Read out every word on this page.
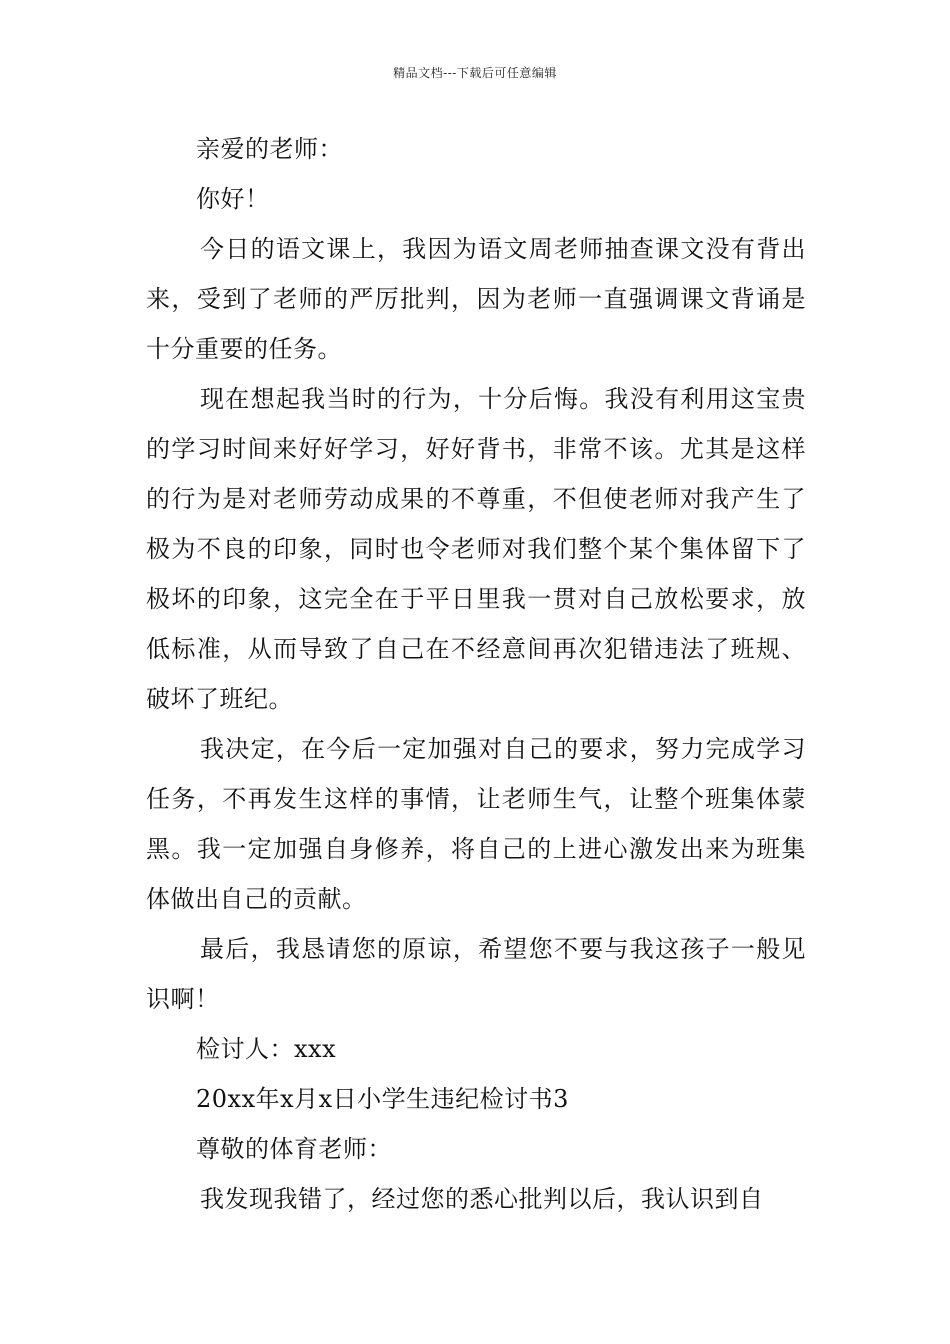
精品文档---下载后可任意编辑

亲爱的老师：

你好！

今日的语文课上，我因为语文周老师抽查课文没有背出来，受到了老师的严厉批判，因为老师一直强调课文背诵是十分重要的任务。

现在想起我当时的行为，十分后悔。我没有利用这宝贵的学习时间来好好学习，好好背书，非常不该。尤其是这样的行为是对老师劳动成果的不尊重，不但使老师对我产生了极为不良的印象，同时也令老师对我们整个某个集体留下了极坏的印象，这完全在于平日里我一贯对自己放松要求，放低标准，从而导致了自己在不经意间再次犯错违法了班规、破坏了班纪。

我决定，在今后一定加强对自己的要求，努力完成学习任务，不再发生这样的事情，让老师生气，让整个班集体蒙黑。我一定加强自身修养，将自己的上进心激发出来为班集体做出自己的贡献。

最后，我恳请您的原谅，希望您不要与我这孩子一般见识啊！

检讨人：xxx

20xx年x月x日小学生违纪检讨书3

尊敬的体育老师：

我发现我错了，经过您的悉心批判以后，我认识到自
